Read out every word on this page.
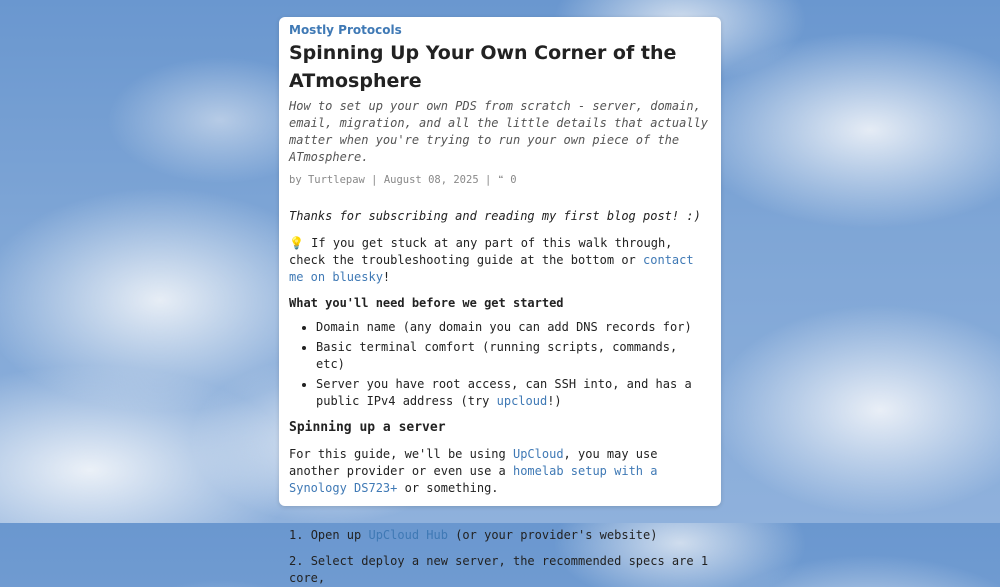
Mostly Protocols
Spinning Up Your Own Corner of the ATmosphere
How to set up your own PDS from scratch - server, domain, email, migration, and all the little details that actually matter when you're trying to run your own piece of the ATmosphere.
by Turtlepaw | August 08, 2025 | ❝ 0

Thanks for subscribing and reading my first blog post! :)

💡 If you get stuck at any part of this walk through, check the troubleshooting guide at the bottom or contact me on bluesky!

What you'll need before we get started
• Domain name (any domain you can add DNS records for)
• Basic terminal comfort (running scripts, commands, etc)
• Server you have root access, can SSH into, and has a public IPv4 address (try upcloud!)
Spinning up a server

For this guide, we'll be using UpCloud, you may use another provider or even use a homelab setup with a Synology DS723+ or something.

1. Open up UpCloud Hub (or your provider's website)
2. Select deploy a new server, the recommended specs are 1 core,
